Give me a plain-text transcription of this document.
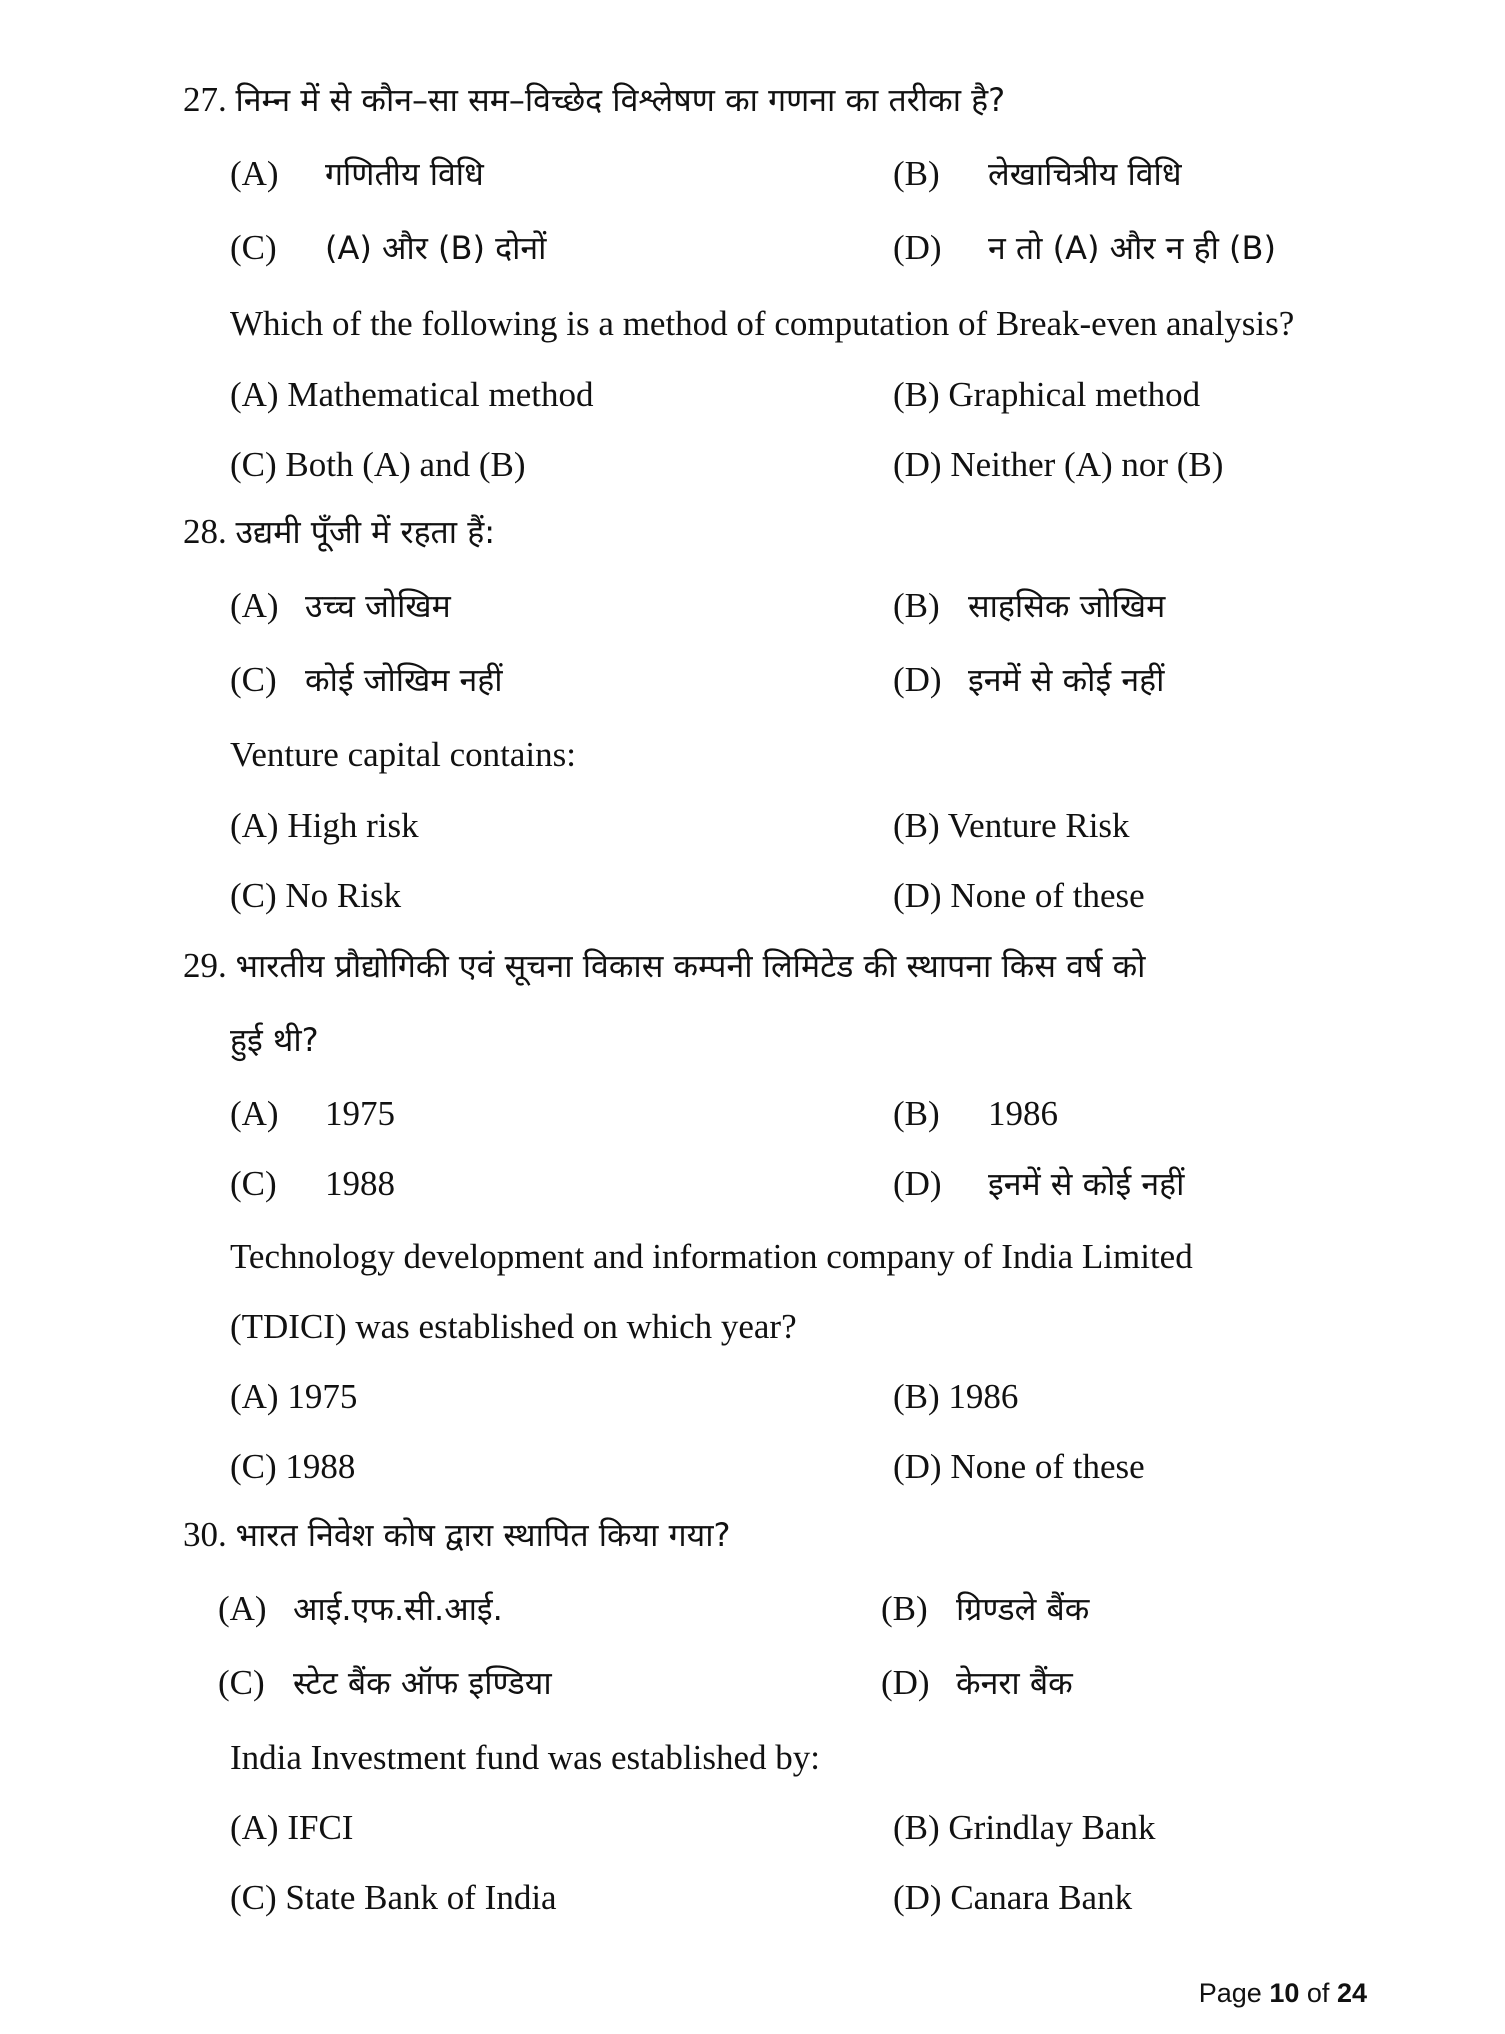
27. निम्न में से कौन–सा सम–विच्छेद विश्लेषण का गणना का तरीका है?
(A) गणितीय विधि	(B) लेखाचित्रीय विधि
(C) (A) और (B) दोनों	(D) न तो (A) और न ही (B)
Which of the following is a method of computation of Break-even analysis?
(A) Mathematical method	(B) Graphical method
(C) Both (A) and (B)	(D) Neither (A) nor (B)
28. उद्यमी पूँजी में रहता हैं:
(A) उच्च जोखिम	(B) साहसिक जोखिम
(C) कोई जोखिम नहीं	(D) इनमें से कोई नहीं
Venture capital contains:
(A) High risk	(B) Venture Risk
(C) No Risk	(D) None of these
29. भारतीय प्रौद्योगिकी एवं सूचना विकास कम्पनी लिमिटेड की स्थापना किस वर्ष को
हुई थी?
(A) 1975	(B) 1986
(C) 1988	(D) इनमें से कोई नहीं
Technology development and information company of India Limited
(TDICI) was established on which year?
(A) 1975	(B) 1986
(C) 1988	(D) None of these
30. भारत निवेश कोष द्वारा स्थापित किया गया?
(A) आई.एफ.सी.आई.	(B) ग्रिण्डले बैंक
(C) स्टेट बैंक ऑफ इण्डिया	(D) केनरा बैंक
India Investment fund was established by:
(A) IFCI	(B) Grindlay Bank
(C) State Bank of India	(D) Canara Bank
Page 10 of 24
